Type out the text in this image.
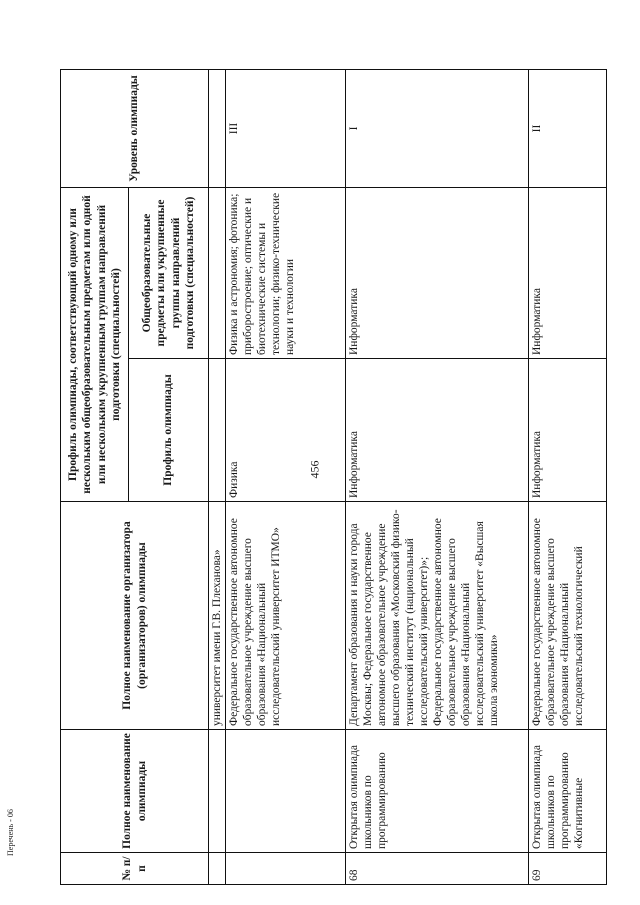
456
Перечень - 06
№ п/п	Полное наименование олимпиады	Полное наименование организатора (организаторов) олимпиады	Профиль олимпиады, соответствующий одному или нескольким общеобразовательным предметам или одной или нескольким укрупненным группам направлений подготовки (специальностей)		Уровень олимпиады
			Профиль олимпиады	Общеобразовательные предметы или укрупненные группы направлений подготовки (специальностей)	
		университет имени Г.В. Плеханова»			
		Федеральное государственное автономное образовательное учреждение высшего образования «Национальный исследовательский университет ИТМО»	Физика	Физика и астрономия; фотоника; приборостроение; оптические и биотехнические системы и технологии; физико-технические науки и технологии	III
68	Открытая олимпиада школьников по программированию	Департамент образования и науки города Москвы; Федеральное государственное автономное образовательное учреждение высшего образования «Московский физико-технический институт (национальный исследовательский университет)»; Федеральное государственное автономное образовательное учреждение высшего образования «Национальный исследовательский университет «Высшая школа экономики»	Информатика	Информатика	I
69	Открытая олимпиада школьников по программированию «Когнитивные	Федеральное государственное автономное образовательное учреждение высшего образования «Национальный исследовательский технологический	Информатика	Информатика	II
